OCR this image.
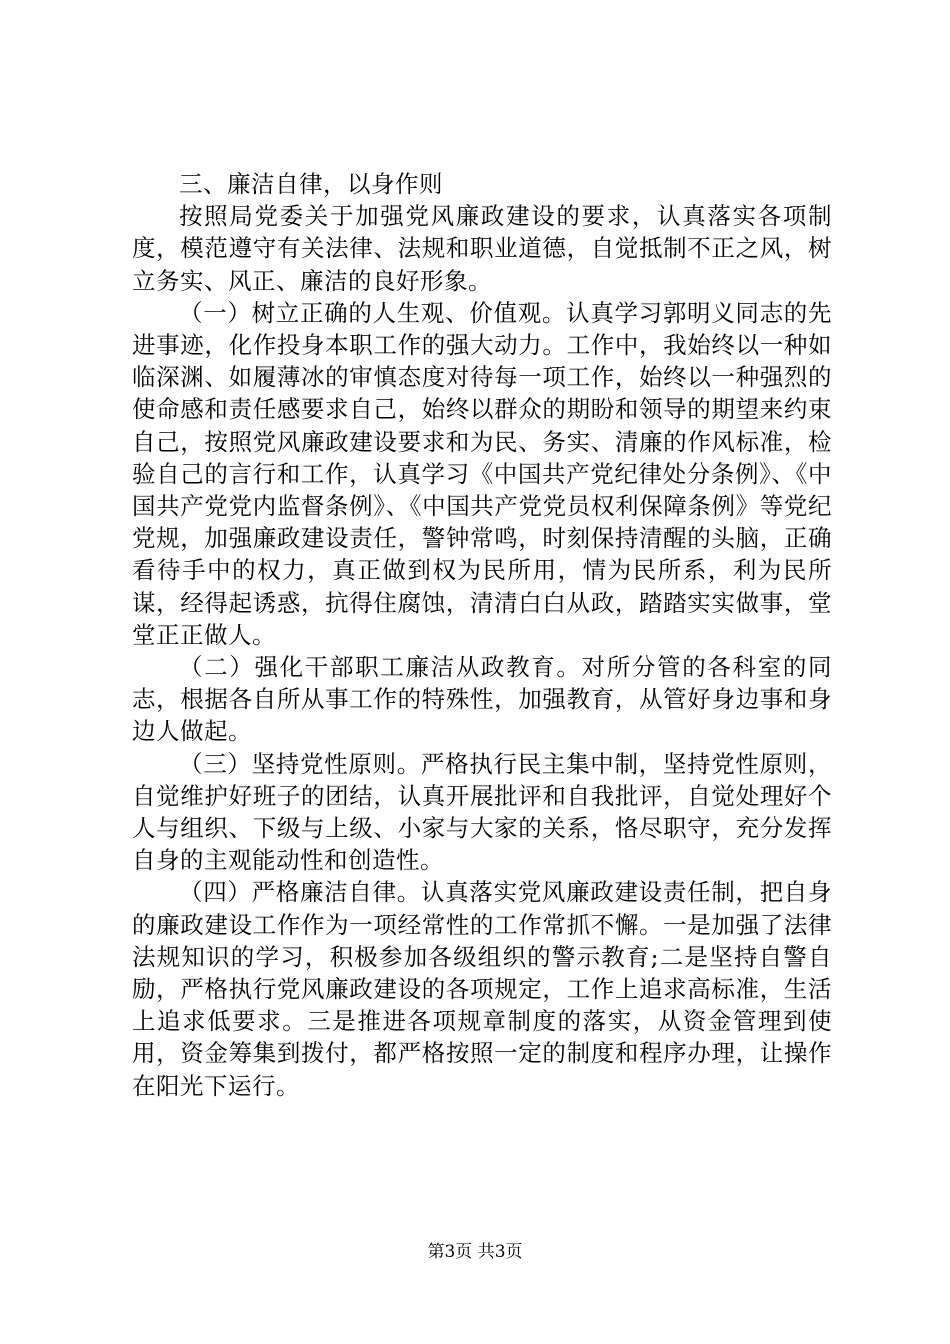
三、廉洁自律，以身作则

按照局党委关于加强党风廉政建设的要求，认真落实各项制度，模范遵守有关法律、法规和职业道德，自觉抵制不正之风，树立务实、风正、廉洁的良好形象。

（一）树立正确的人生观、价值观。认真学习郭明义同志的先进事迹，化作投身本职工作的强大动力。工作中，我始终以一种如临深渊、如履薄冰的审慎态度对待每一项工作，始终以一种强烈的使命感和责任感要求自己，始终以群众的期盼和领导的期望来约束自己，按照党风廉政建设要求和为民、务实、清廉的作风标准，检验自己的言行和工作，认真学习《中国共产党纪律处分条例》、《中国共产党党内监督条例》、《中国共产党党员权利保障条例》等党纪党规，加强廉政建设责任，警钟常鸣，时刻保持清醒的头脑，正确看待手中的权力，真正做到权为民所用，情为民所系，利为民所谋，经得起诱惑，抗得住腐蚀，清清白白从政，踏踏实实做事，堂堂正正做人。

（二）强化干部职工廉洁从政教育。对所分管的各科室的同志，根据各自所从事工作的特殊性，加强教育，从管好身边事和身边人做起。

（三）坚持党性原则。严格执行民主集中制，坚持党性原则，自觉维护好班子的团结，认真开展批评和自我批评，自觉处理好个人与组织、下级与上级、小家与大家的关系，恪尽职守，充分发挥自身的主观能动性和创造性。

（四）严格廉洁自律。认真落实党风廉政建设责任制，把自身的廉政建设工作作为一项经常性的工作常抓不懈。一是加强了法律法规知识的学习，积极参加各级组织的警示教育;二是坚持自警自励，严格执行党风廉政建设的各项规定，工作上追求高标准，生活上追求低要求。三是推进各项规章制度的落实，从资金管理到使用，资金筹集到拨付，都严格按照一定的制度和程序办理，让操作在阳光下运行。

第3页 共3页
